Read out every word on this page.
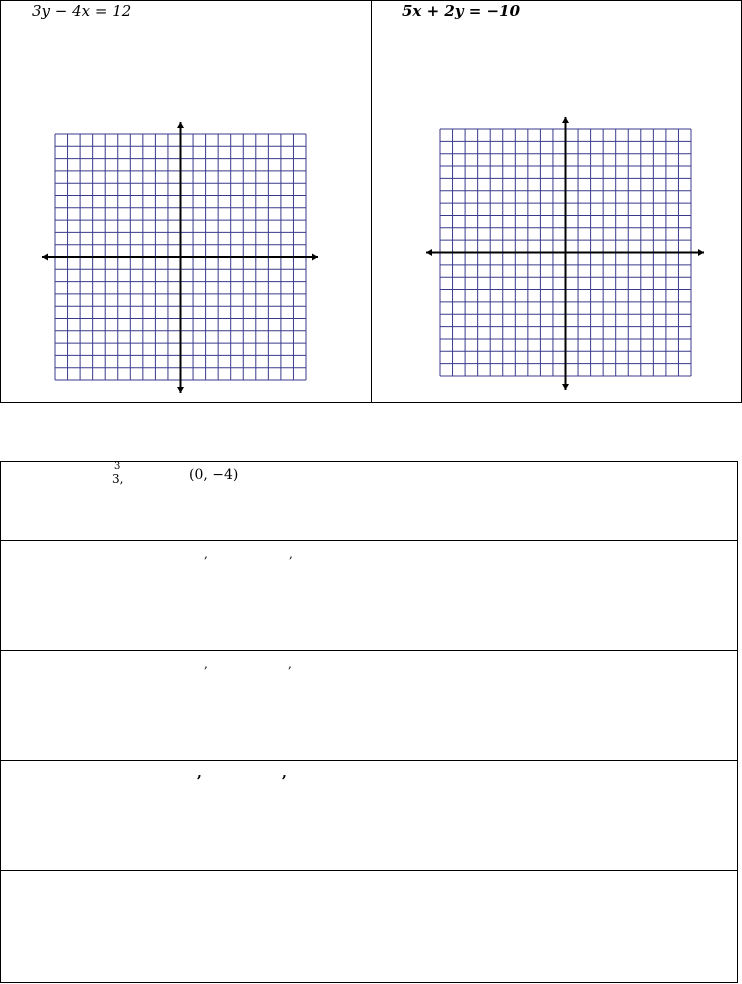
3y − 4x = 12	5x + 2y = −10
3
3,	(0, −4)

,	,

,	,

,	,
